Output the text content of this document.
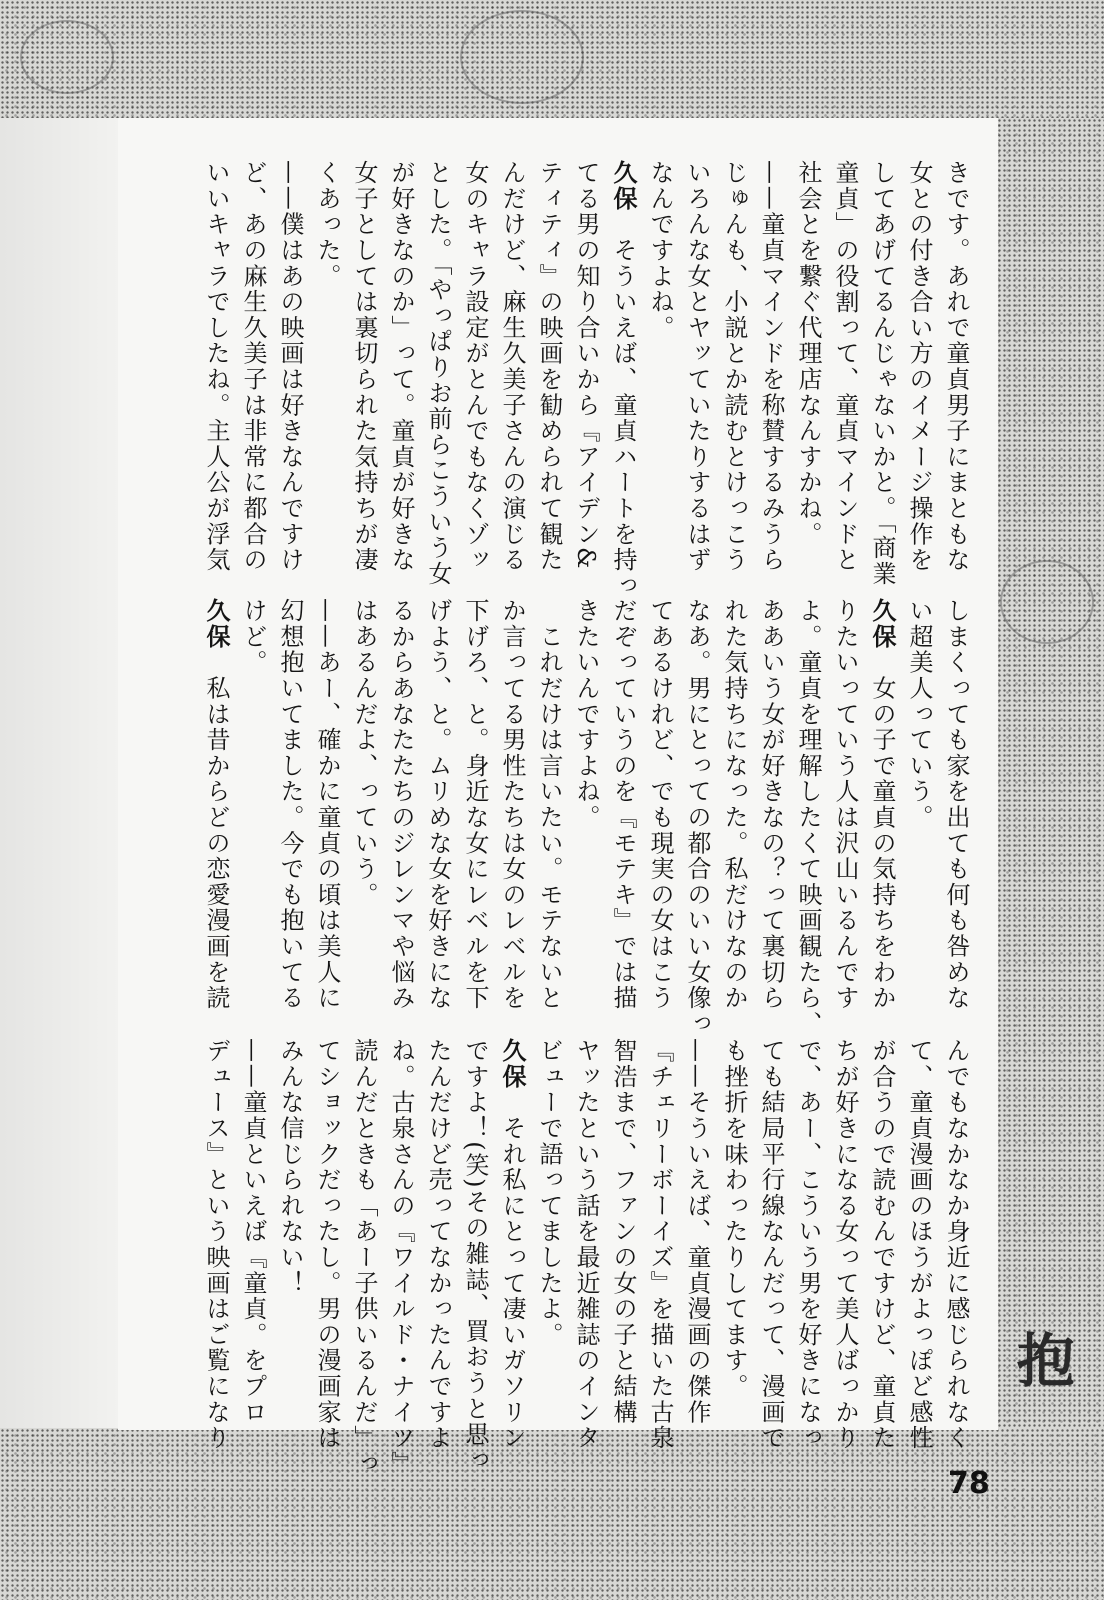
きです。あれで童貞男子にまともな
女との付き合い方のイメージ操作を
してあげてるんじゃないかと。「商業
童貞」の役割って、童貞マインドと
社会とを繋ぐ代理店なんすかね。
——童貞マインドを称賛するみうら
じゅんも、小説とか読むとけっこう
いろんな女とヤッていたりするはず
なんですよね。
久保　そういえば、童貞ハートを持っ
てる男の知り合いから『アイデン&
ティティ』の映画を勧められて観た
んだけど、麻生久美子さんの演じる
女のキャラ設定がとんでもなくゾッ
とした。「やっぱりお前らこういう女
が好きなのか」って。童貞が好きな
女子としては裏切られた気持ちが凄
くあった。
——僕はあの映画は好きなんですけ
ど、あの麻生久美子は非常に都合の
いいキャラでしたね。主人公が浮気
しまくっても家を出ても何も咎めな
い超美人っていう。
久保　女の子で童貞の気持ちをわか
りたいっていう人は沢山いるんです
よ。童貞を理解したくて映画観たら、
ああいう女が好きなの？って裏切ら
れた気持ちになった。私だけなのか
なあ。男にとっての都合のいい女像っ
てあるけれど、でも現実の女はこう
だぞっていうのを『モテキ』では描
きたいんですよね。
　これだけは言いたい。モテないと
か言ってる男性たちは女のレベルを
下げろ、と。身近な女にレベルを下
げよう、と。ムリめな女を好きにな
るからあなたたちのジレンマや悩み
はあるんだよ、っていう。
——あー、確かに童貞の頃は美人に
幻想抱いてました。今でも抱いてる
けど。
久保　私は昔からどの恋愛漫画を読
んでもなかなか身近に感じられなく
て、童貞漫画のほうがよっぽど感性
が合うので読むんですけど、童貞た
ちが好きになる女って美人ばっかり
で、あー、こういう男を好きになっ
ても結局平行線なんだって、漫画で
も挫折を味わったりしてます。
——そういえば、童貞漫画の傑作
『チェリーボーイズ』を描いた古泉
智浩まで、ファンの女の子と結構
ヤッたという話を最近雑誌のインタ
ビューで語ってましたよ。
久保　それ私にとって凄いガソリン
ですよ！(笑)その雑誌、買おうと思っ
たんだけど売ってなかったんですよ
ね。古泉さんの『ワイルド・ナイツ』
読んだときも「あー子供いるんだ」っ
てショックだったし。男の漫画家は
みんな信じられない！
——童貞といえば『童貞。をプロ
デュース』という映画はご覧になり	抱
78
